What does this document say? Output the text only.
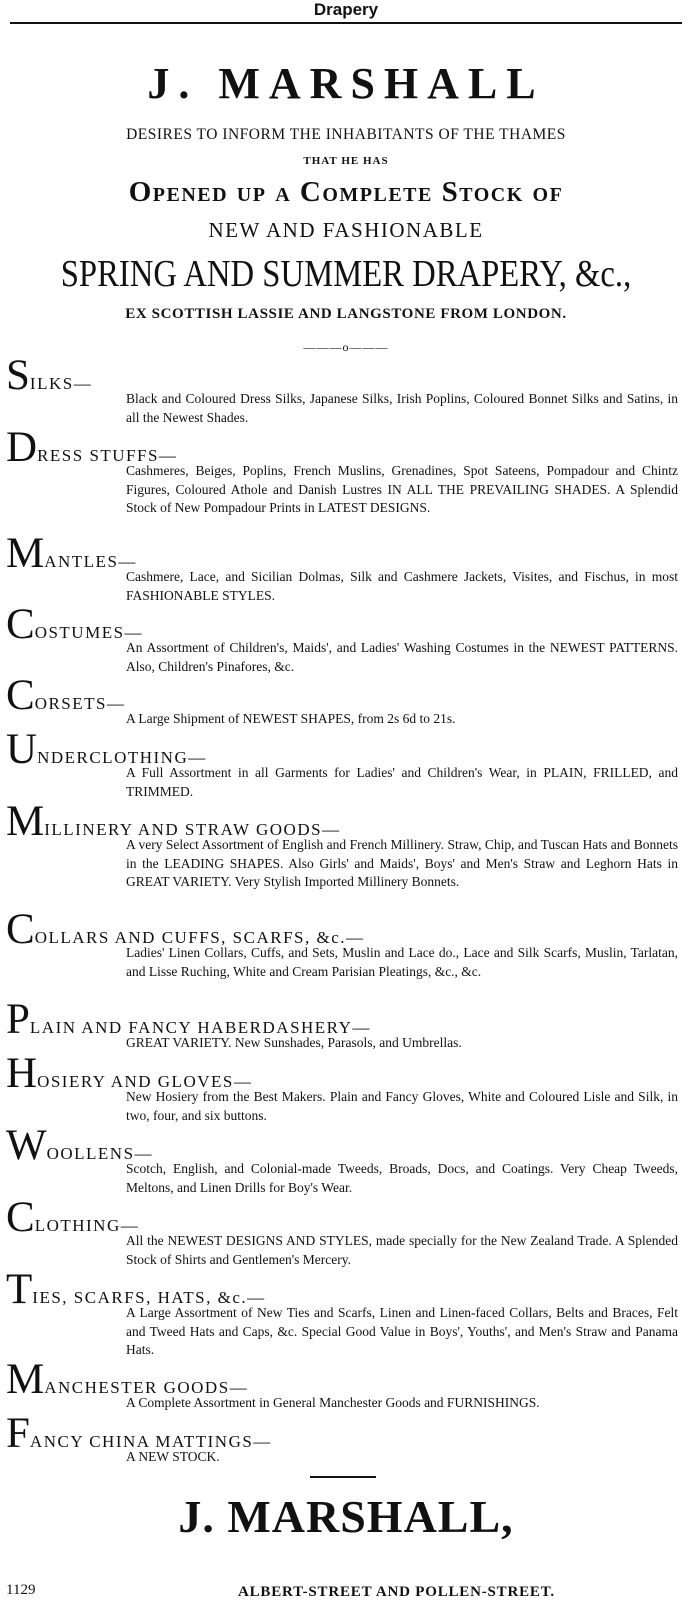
Drapery
J. MARSHALL
DESIRES TO INFORM THE INHABITANTS OF THE THAMES
THAT HE HAS
Opened up a Complete Stock of
NEW AND FASHIONABLE
SPRING AND SUMMER DRAPERY, &c.,
EX SCOTTISH LASSIE AND LANGSTONE FROM LONDON.
———o———
SILKS—
Black and Coloured Dress Silks, Japanese Silks, Irish Poplins, Coloured Bonnet Silks and Satins, in all the Newest Shades.
DRESS STUFFS—
Cashmeres, Beiges, Poplins, French Muslins, Grenadines, Spot Sateens, Pompadour and Chintz Figures, Coloured Athole and Danish Lustres IN ALL THE PREVAILING SHADES. A Splendid Stock of New Pompadour Prints in LATEST DESIGNS.
MANTLES—
Cashmere, Lace, and Sicilian Dolmas, Silk and Cashmere Jackets, Visites, and Fischus, in most FASHIONABLE STYLES.
COSTUMES—
An Assortment of Children's, Maids', and Ladies' Washing Costumes in the NEWEST PATTERNS. Also, Children's Pinafores, &c.
CORSETS—
A Large Shipment of NEWEST SHAPES, from 2s 6d to 21s.
UNDERCLOTHING—
A Full Assortment in all Garments for Ladies' and Children's Wear, in PLAIN, FRILLED, and TRIMMED.
MILLINERY AND STRAW GOODS—
A very Select Assortment of English and French Millinery. Straw, Chip, and Tuscan Hats and Bonnets in the LEADING SHAPES. Also Girls' and Maids', Boys' and Men's Straw and Leghorn Hats in GREAT VARIETY. Very Stylish Imported Millinery Bonnets.
COLLARS AND CUFFS, SCARFS, &c.—
Ladies' Linen Collars, Cuffs, and Sets, Muslin and Lace do., Lace and Silk Scarfs, Muslin, Tarlatan, and Lisse Ruching, White and Cream Parisian Pleatings, &c., &c.
PLAIN AND FANCY HABERDASHERY—
GREAT VARIETY. New Sunshades, Parasols, and Umbrellas.
HOSIERY AND GLOVES—
New Hosiery from the Best Makers. Plain and Fancy Gloves, White and Coloured Lisle and Silk, in two, four, and six buttons.
WOOLLENS—
Scotch, English, and Colonial-made Tweeds, Broads, Docs, and Coatings. Very Cheap Tweeds, Meltons, and Linen Drills for Boy's Wear.
CLOTHING—
All the NEWEST DESIGNS AND STYLES, made specially for the New Zealand Trade. A Splended Stock of Shirts and Gentlemen's Mercery.
TIES, SCARFS, HATS, &c.—
A Large Assortment of New Ties and Scarfs, Linen and Linen-faced Collars, Belts and Braces, Felt and Tweed Hats and Caps, &c. Special Good Value in Boys', Youths', and Men's Straw and Panama Hats.
MANCHESTER GOODS—
A Complete Assortment in General Manchester Goods and FURNISHINGS.
FANCY CHINA MATTINGS—
A NEW STOCK.
J. MARSHALL,
1129	ALBERT-STREET AND POLLEN-STREET.
